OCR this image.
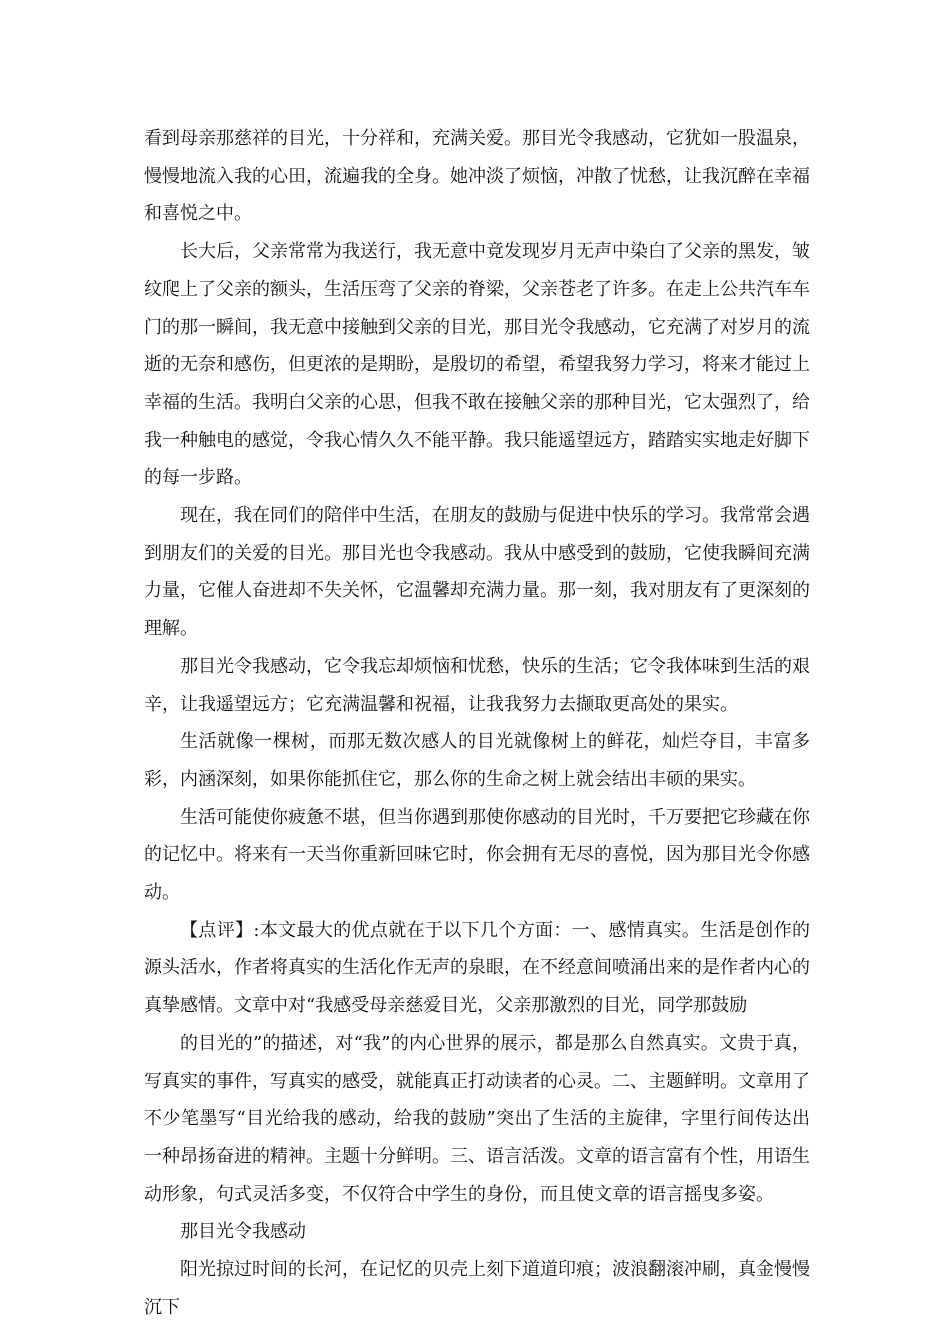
看到母亲那慈祥的目光，十分祥和，充满关爱。那目光令我感动，它犹如一股温泉，慢慢地流入我的心田，流遍我的全身。她冲淡了烦恼，冲散了忧愁，让我沉醉在幸福和喜悦之中。

长大后，父亲常常为我送行，我无意中竟发现岁月无声中染白了父亲的黑发，皱纹爬上了父亲的额头，生活压弯了父亲的脊梁，父亲苍老了许多。在走上公共汽车车门的那一瞬间，我无意中接触到父亲的目光，那目光令我感动，它充满了对岁月的流逝的无奈和感伤，但更浓的是期盼，是殷切的希望，希望我努力学习，将来才能过上幸福的生活。我明白父亲的心思，但我不敢在接触父亲的那种目光，它太强烈了，给我一种触电的感觉，令我心情久久不能平静。我只能遥望远方，踏踏实实地走好脚下的每一步路。

现在，我在同们的陪伴中生活，在朋友的鼓励与促进中快乐的学习。我常常会遇到朋友们的关爱的目光。那目光也令我感动。我从中感受到的鼓励，它使我瞬间充满力量，它催人奋进却不失关怀，它温馨却充满力量。那一刻，我对朋友有了更深刻的理解。

那目光令我感动，它令我忘却烦恼和忧愁，快乐的生活；它令我体味到生活的艰辛，让我遥望远方；它充满温馨和祝福，让我我努力去撷取更高处的果实。

生活就像一棵树，而那无数次感人的目光就像树上的鲜花，灿烂夺目，丰富多彩，内涵深刻，如果你能抓住它，那么你的生命之树上就会结出丰硕的果实。

生活可能使你疲惫不堪，但当你遇到那使你感动的目光时，千万要把它珍藏在你的记忆中。将来有一天当你重新回味它时，你会拥有无尽的喜悦，因为那目光令你感动。

【点评】:本文最大的优点就在于以下几个方面：一、感情真实。生活是创作的源头活水，作者将真实的生活化作无声的泉眼，在不经意间喷涌出来的是作者内心的真挚感情。文章中对“我感受母亲慈爱目光，父亲那激烈的目光，同学那鼓励

的目光的”的描述，对“我”的内心世界的展示，都是那么自然真实。文贵于真，写真实的事件，写真实的感受，就能真正打动读者的心灵。二、主题鲜明。文章用了不少笔墨写“目光给我的感动，给我的鼓励”突出了生活的主旋律，字里行间传达出一种昂扬奋进的精神。主题十分鲜明。三、语言活泼。文章的语言富有个性，用语生动形象，句式灵活多变，不仅符合中学生的身份，而且使文章的语言摇曳多姿。

那目光令我感动

阳光掠过时间的长河，在记忆的贝壳上刻下道道印痕；波浪翻滚冲刷，真金慢慢沉下
